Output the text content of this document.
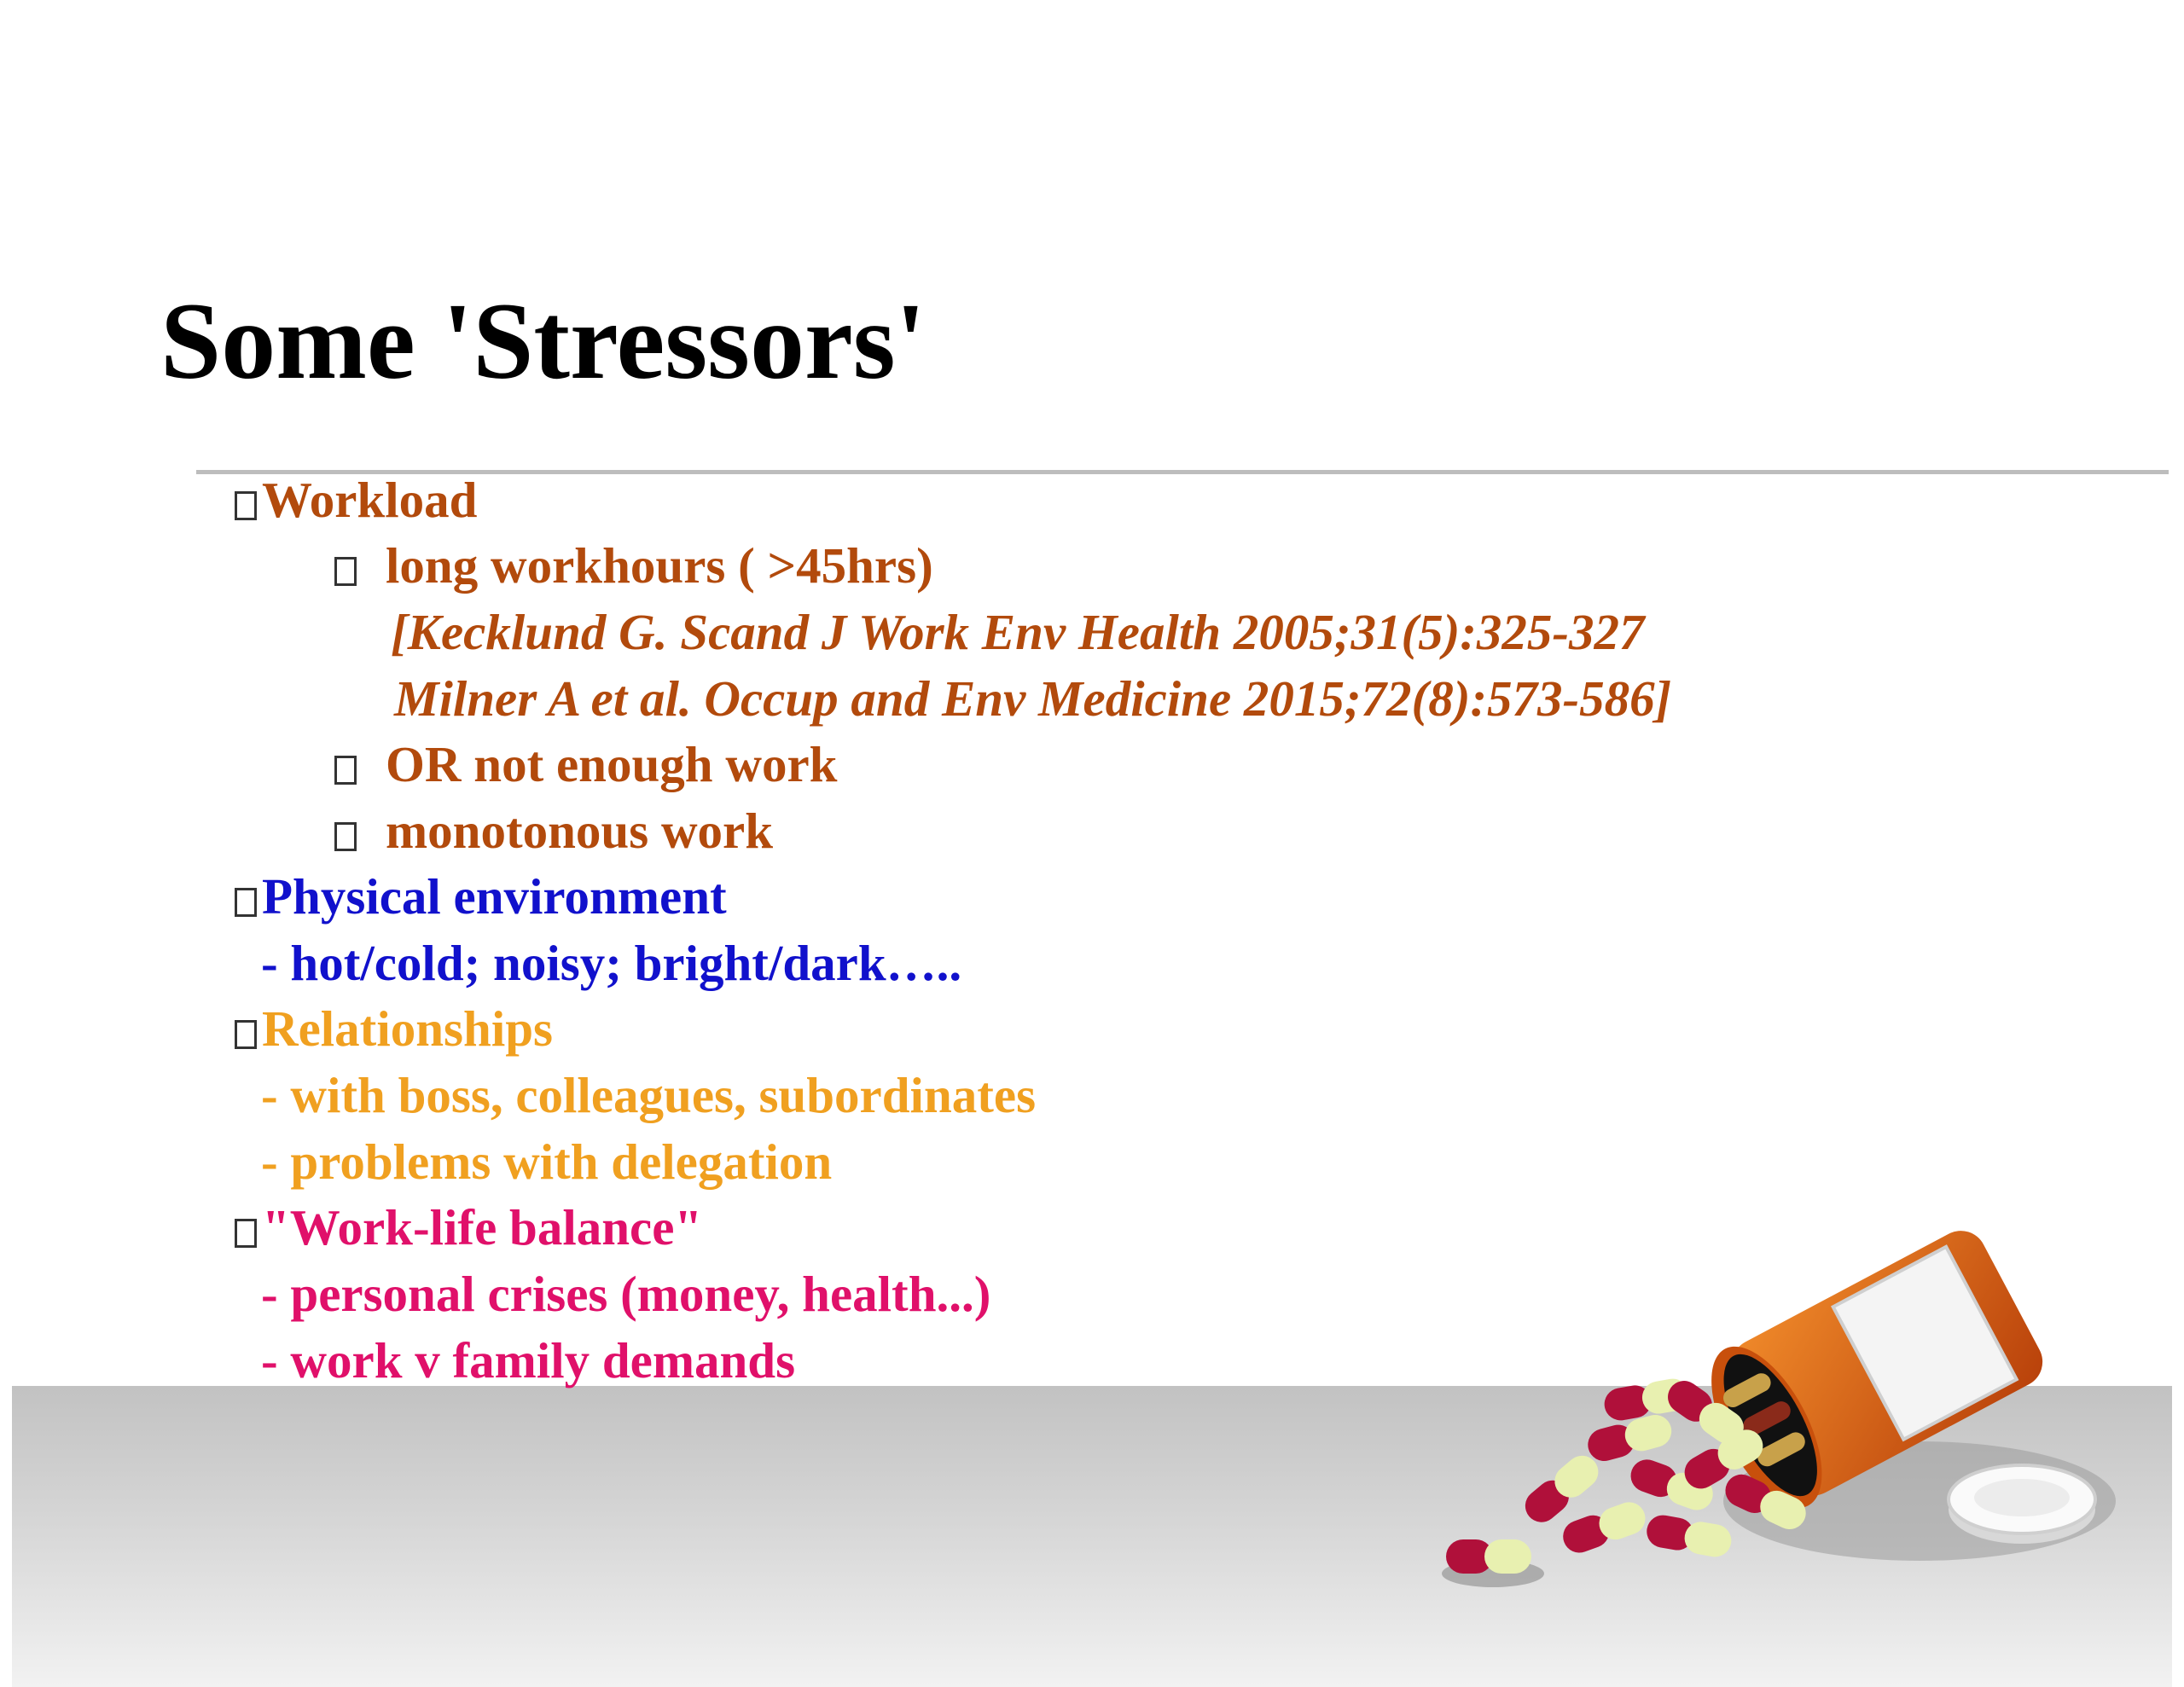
Some 'Stressors'
Workload
long workhours ( >45hrs)
[Kecklund G. Scand J Work Env Health 2005;31(5):325-327
Milner A et al. Occup and Env Medicine 2015;72(8):573-586]
OR not enough work
monotonous work
Physical environment
- hot/cold; noisy; bright/dark…..
Relationships
- with boss, colleagues, subordinates
- problems with delegation
"Work-life balance"
- personal crises (money, health...)
- work v family demands
